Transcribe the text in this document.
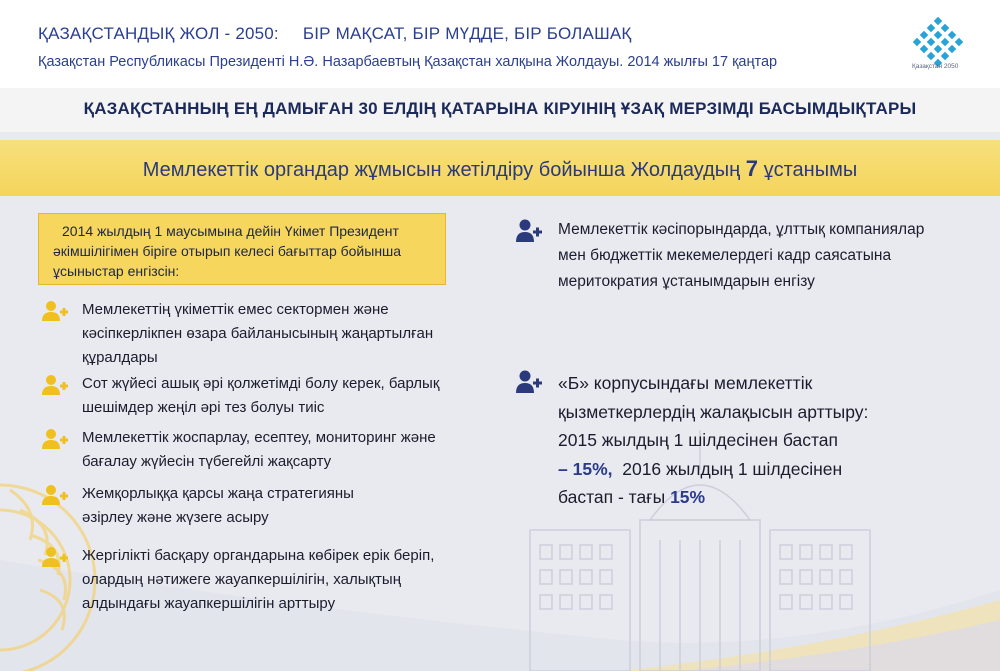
ҚАЗАҚСТАНДЫҚ ЖОЛ - 2050: БІР МАҚСАТ, БІР МҮДДЕ, БІР БОЛАШАҚ
Қазақстан Республикасы Президенті Н.Ә. Назарбаевтың Қазақстан халқына Жолдауы. 2014 жылғы 17 қаңтар	Қазақстан 2050
ҚАЗАҚСТАННЫҢ ЕҢ ДАМЫҒАН 30 ЕЛДІҢ ҚАТАРЫНА КІРУІНІҢ ҰЗАҚ МЕРЗІМДІ БАСЫМДЫҚТАРЫ
Мемлекеттік органдар жұмысын жетілдіру бойынша Жолдаудың 7 ұстанымы
2014 жылдың 1 маусымына дейін Үкімет Президент
әкімшілігімен біріге отырып келесі бағыттар бойынша
ұсыныстар енгізсін:
Мемлекеттің үкіметтік емес сектормен және
кәсіпкерлікпен өзара байланысының жаңартылған
құралдары
Сот жүйесі ашық әрі қолжетімді болу керек, барлық
шешімдер жеңіл әрі тез болуы тиіс
Мемлекеттік жоспарлау, есептеу, мониторинг және
бағалау жүйесін түбегейлі жақсарту
Жемқорлыққа қарсы жаңа стратегияны
әзірлеу және жүзеге асыру
Жергілікті басқару органдарына көбірек ерік беріп,
олардың нәтижеге жауапкершілігін, халықтың
алдындағы жауапкершілігін арттыру
Мемлекеттік кәсіпорындарда, ұлттық компаниялар
мен бюджеттік мекемелердегі кадр саясатына
меритократия ұстанымдарын енгізу
«Б» корпусындағы мемлекеттік
қызметкерлердің жалақысын арттыру:
2015 жылдың 1 шілдесінен бастап
– 15%,  2016 жылдың 1 шілдесінен
бастап - тағы 15%
